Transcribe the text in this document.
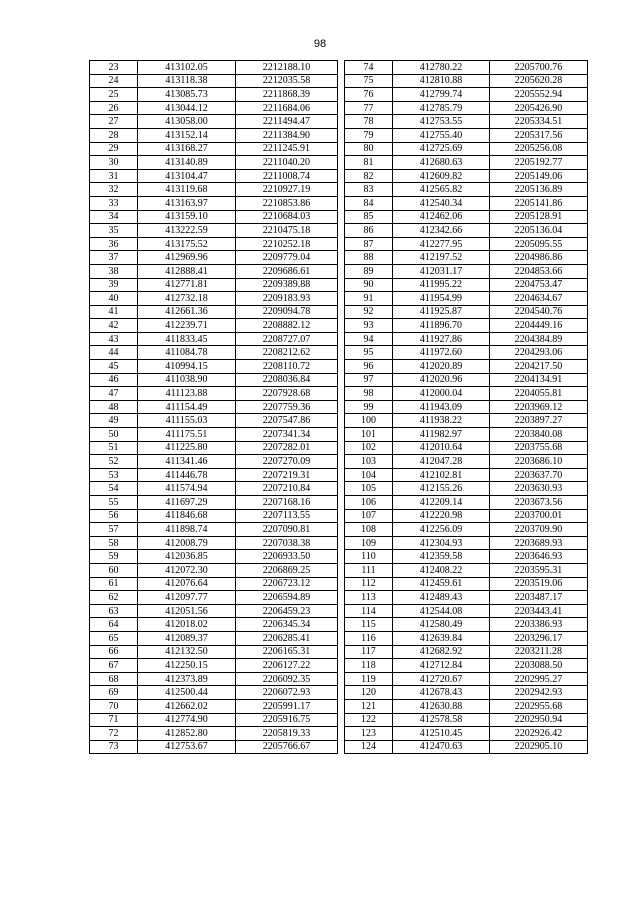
98
23	413102.05	2212188.10
24	413118.38	2212035.58
25	413085.73	2211868.39
26	413044.12	2211684.06
27	413058.00	2211494.47
28	413152.14	2211384.90
29	413168.27	2211245.91
30	413140.89	2211040.20
31	413104.47	2211008.74
32	413119.68	2210927.19
33	413163.97	2210853.86
34	413159.10	2210684.03
35	413222.59	2210475.18
36	413175.52	2210252.18
37	412969.96	2209779.04
38	412888.41	2209686.61
39	412771.81	2209389.88
40	412732.18	2209183.93
41	412661.36	2209094.78
42	412239.71	2208882.12
43	411833.45	2208727.07
44	411084.78	2208212.62
45	410994.15	2208110.72
46	411038.90	2208036.84
47	411123.88	2207928.68
48	411154.49	2207759.36
49	411155.03	2207547.86
50	411175.51	2207341.34
51	411225.80	2207282.01
52	411341.46	2207270.09
53	411446.78	2207219.31
54	411574.94	2207210.84
55	411697.29	2207168.16
56	411846.68	2207113.55
57	411898.74	2207090.81
58	412008.79	2207038.38
59	412036.85	2206933.50
60	412072.30	2206869.25
61	412076.64	2206723.12
62	412097.77	2206594.89
63	412051.56	2206459.23
64	412018.02	2206345.34
65	412089.37	2206285.41
66	412132.50	2206165.31
67	412250.15	2206127.22
68	412373.89	2206092.35
69	412500.44	2206072.93
70	412662.02	2205991.17
71	412774.90	2205916.75
72	412852.80	2205819.33
73	412753.67	2205766.67
74	412780.22	2205700.76
75	412810.88	2205620.28
76	412799.74	2205552.94
77	412785.79	2205426.90
78	412753.55	2205334.51
79	412755.40	2205317.56
80	412725.69	2205256.08
81	412680.63	2205192.77
82	412609.82	2205149.06
83	412565.82	2205136.89
84	412540.34	2205141.86
85	412462.06	2205128.91
86	412342.66	2205136.04
87	412277.95	2205095.55
88	412197.52	2204986.86
89	412031.17	2204853.66
90	411995.22	2204753.47
91	411954.99	2204634.67
92	411925.87	2204540.76
93	411896.70	2204449.16
94	411927.86	2204384.89
95	411972.60	2204293.06
96	412020.89	2204217.50
97	412020.96	2204134.91
98	412000.04	2204055.81
99	411943.09	2203969.12
100	411938.22	2203897.27
101	411982.97	2203840.08
102	412010.64	2203755.68
103	412047.28	2203686.10
104	412102.81	2203637.70
105	412155.26	2203630.93
106	412209.14	2203673.56
107	412220.98	2203700.01
108	412256.09	2203709.90
109	412304.93	2203689.93
110	412359.58	2203646.93
111	412408.22	2203595.31
112	412459.61	2203519.06
113	412489.43	2203487.17
114	412544.08	2203443.41
115	412580.49	2203386.93
116	412639.84	2203296.17
117	412682.92	2203211.28
118	412712.84	2203088.50
119	412720.67	2202995.27
120	412678.43	2202942.93
121	412630.88	2202955.68
122	412578.58	2202950.94
123	412510.45	2202926.42
124	412470.63	2202905.10
